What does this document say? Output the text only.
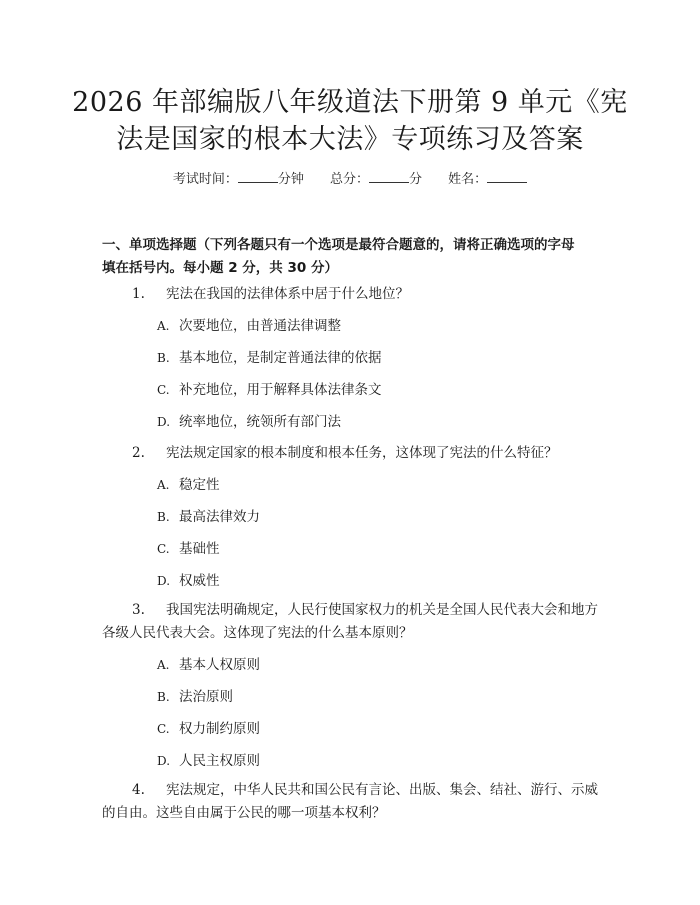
2026 年部编版八年级道法下册第 9 单元《宪
法是国家的根本大法》专项练习及答案
考试时间：	分钟 总分：	分 姓名：
一、单项选择题（下列各题只有一个选项是最符合题意的，请将正确选项的字母
填在括号内。每小题 2 分，共 30 分）
1. 宪法在我国的法律体系中居于什么地位？
A. 次要地位，由普通法律调整
B. 基本地位，是制定普通法律的依据
C. 补充地位，用于解释具体法律条文
D. 统率地位，统领所有部门法
2. 宪法规定国家的根本制度和根本任务，这体现了宪法的什么特征？
A. 稳定性
B. 最高法律效力
C. 基础性
D. 权威性
3. 我国宪法明确规定，人民行使国家权力的机关是全国人民代表大会和地方
各级人民代表大会。这体现了宪法的什么基本原则？
A. 基本人权原则
B. 法治原则
C. 权力制约原则
D. 人民主权原则
4. 宪法规定，中华人民共和国公民有言论、出版、集会、结社、游行、示威
的自由。这些自由属于公民的哪一项基本权利？
